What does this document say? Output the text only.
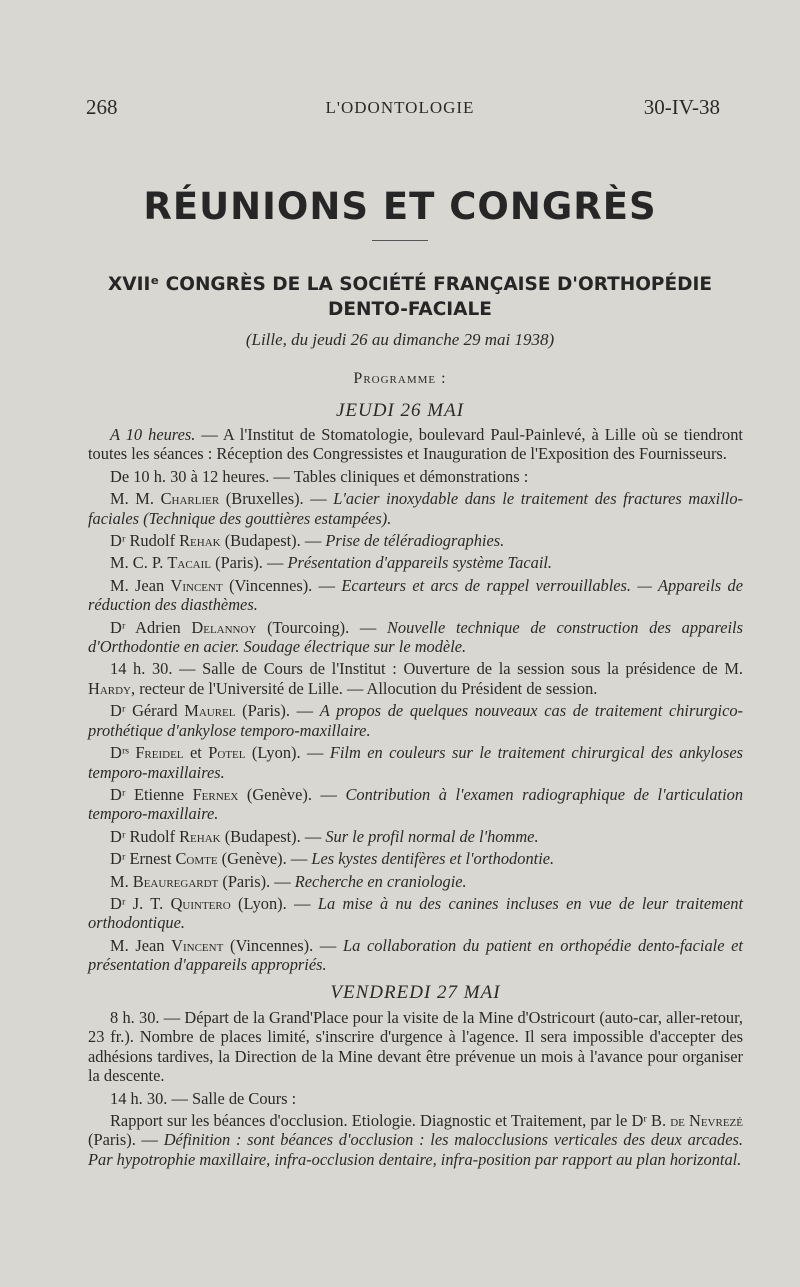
268	L'ODONTOLOGIE	30-IV-38
RÉUNIONS ET CONGRÈS
XVIIᵉ CONGRÈS DE LA SOCIÉTÉ FRANÇAISE D'ORTHOPÉDIE DENTO-FACIALE
(Lille, du jeudi 26 au dimanche 29 mai 1938)
Programme :
JEUDI 26 MAI

A 10 heures. — A l'Institut de Stomatologie, boulevard Paul-Painlevé, à Lille où se tiendront toutes les séances : Réception des Congressistes et Inauguration de l'Exposition des Fournisseurs.

De 10 h. 30 à 12 heures. — Tables cliniques et démonstrations :

M. M. Charlier (Bruxelles). — L'acier inoxydable dans le traitement des fractures maxillo-faciales (Technique des gouttières estampées).

Dʳ Rudolf Rehak (Budapest). — Prise de téléradiographies.

M. C. P. Tacail (Paris). — Présentation d'appareils système Tacail.

M. Jean Vincent (Vincennes). — Ecarteurs et arcs de rappel verrouillables. — Appareils de réduction des diasthèmes.

Dʳ Adrien Delannoy (Tourcoing). — Nouvelle technique de construction des appareils d'Orthodontie en acier. Soudage électrique sur le modèle.

14 h. 30. — Salle de Cours de l'Institut : Ouverture de la session sous la présidence de M. Hardy, recteur de l'Université de Lille. — Allocution du Président de session.

Dʳ Gérard Maurel (Paris). — A propos de quelques nouveaux cas de traitement chirurgico-prothétique d'ankylose temporo-maxillaire.

Dʳˢ Freidel et Potel (Lyon). — Film en couleurs sur le traitement chirurgical des ankyloses temporo-maxillaires.

Dʳ Etienne Fernex (Genève). — Contribution à l'examen radiographique de l'articulation temporo-maxillaire.

Dʳ Rudolf Rehak (Budapest). — Sur le profil normal de l'homme.

Dʳ Ernest Comte (Genève). — Les kystes dentifères et l'orthodontie.

M. Beauregardt (Paris). — Recherche en craniologie.

Dʳ J. T. Quintero (Lyon). — La mise à nu des canines incluses en vue de leur traitement orthodontique.

M. Jean Vincent (Vincennes). — La collaboration du patient en orthopédie dento-faciale et présentation d'appareils appropriés.

VENDREDI 27 MAI

8 h. 30. — Départ de la Grand'Place pour la visite de la Mine d'Ostricourt (auto-car, aller-retour, 23 fr.). Nombre de places limité, s'inscrire d'urgence à l'agence. Il sera impossible d'accepter des adhésions tardives, la Direction de la Mine devant être prévenue un mois à l'avance pour organiser la descente.

14 h. 30. — Salle de Cours :

Rapport sur les béances d'occlusion. Etiologie. Diagnostic et Traitement, par le Dʳ B. de Nevrezé (Paris). — Définition : sont béances d'occlusion : les malocclusions verticales des deux arcades. Par hypotrophie maxillaire, infra-occlusion dentaire, infra-position par rapport au plan horizontal.
